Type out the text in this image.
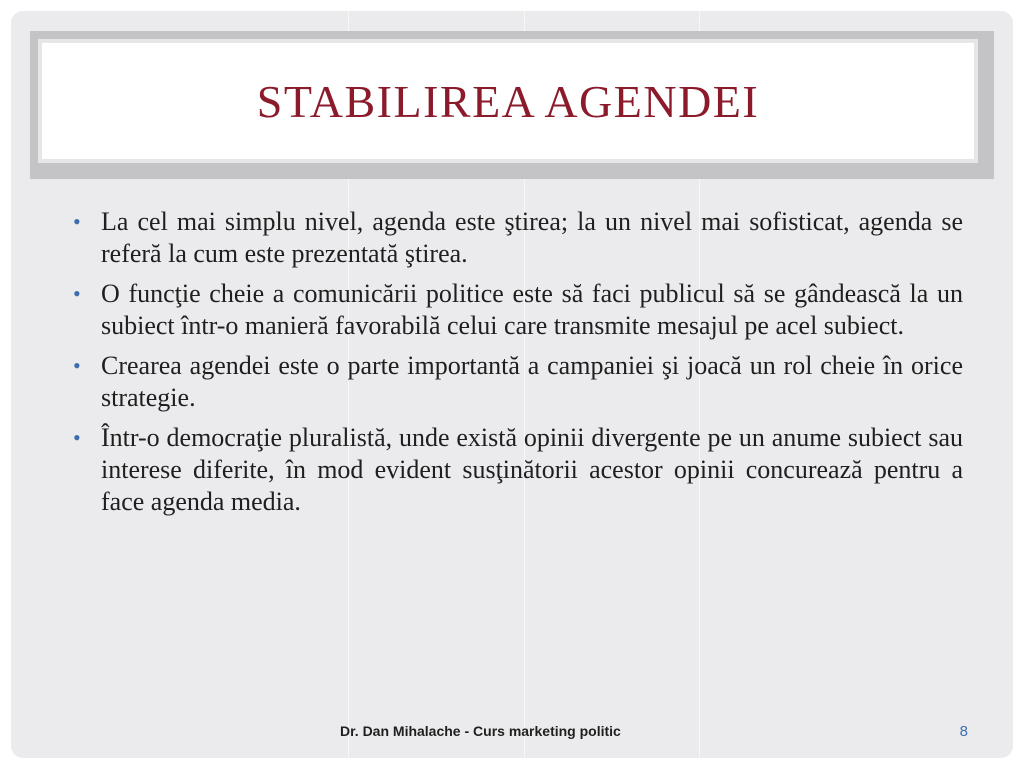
STABILIREA AGENDEI
• La cel mai simplu nivel, agenda este ştirea; la un nivel mai sofisticat, agenda se referă la cum este prezentată ştirea.
• O funcţie cheie a comunicării politice este să faci publicul să se gândească la un subiect într-o manieră favorabilă celui care transmite mesajul pe acel subiect.
• Crearea agendei este o parte importantă a campaniei şi joacă un rol cheie în orice strategie.
• Într-o democraţie pluralistă, unde există opinii divergente pe un anume subiect sau interese diferite, în mod evident susţinătorii acestor opinii concurează pentru a face agenda media.
Dr. Dan Mihalache - Curs marketing politic	8
